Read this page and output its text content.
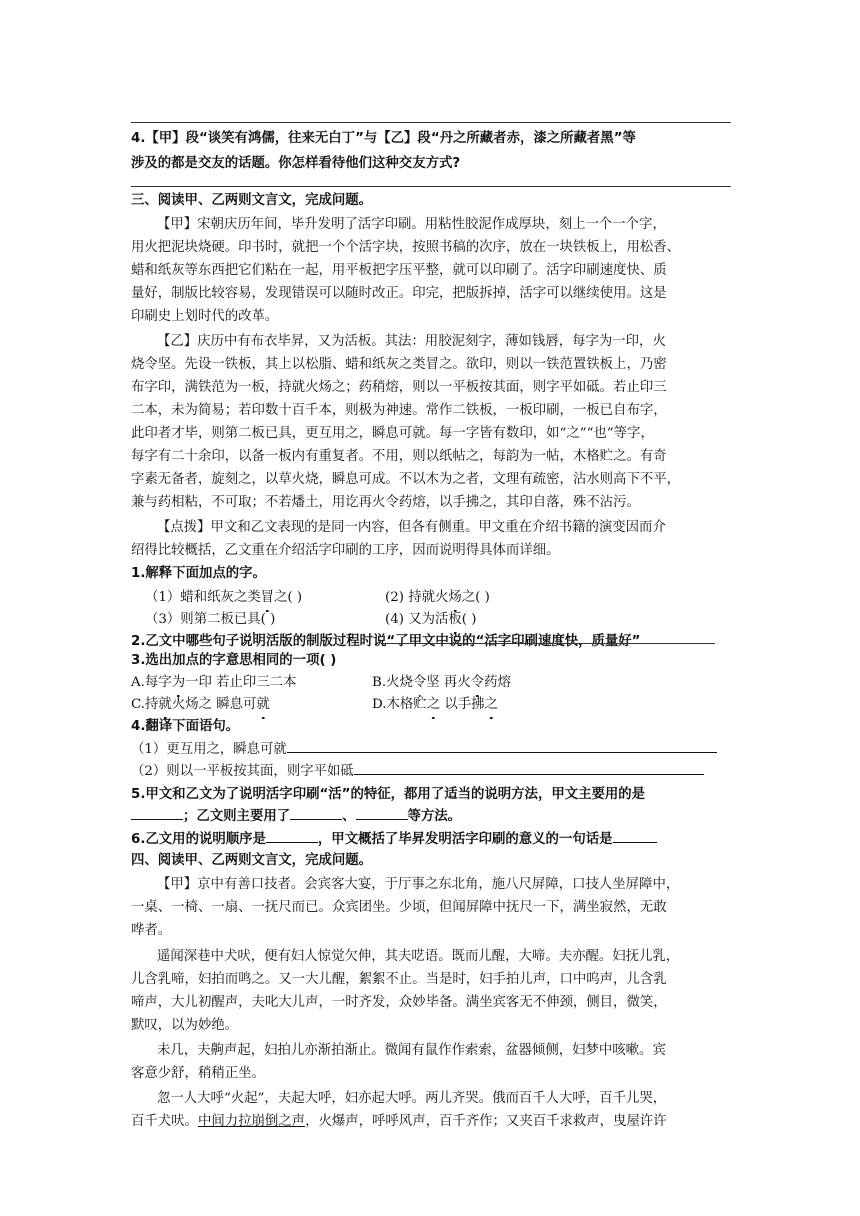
4.【甲】段“谈笑有鸿儒，往来无白丁”与【乙】段“丹之所藏者赤，漆之所藏者黑”等
涉及的都是交友的话题。你怎样看待他们这种交友方式?
三、阅读甲、乙两则文言文，完成问题。
【甲】宋朝庆历年间，毕升发明了活字印刷。用粘性胶泥作成厚块，刻上一个一个字，
用火把泥块烧硬。印书时，就把一个个活字块，按照书稿的次序，放在一块铁板上，用松香、
蜡和纸灰等东西把它们粘在一起，用平板把字压平整，就可以印刷了。活字印刷速度快、质
量好，制版比较容易，发现错误可以随时改正。印完，把版拆掉，活字可以继续使用。这是
印刷史上划时代的改革。
【乙】庆历中有布衣毕昇，又为活板。其法：用胶泥刻字，薄如钱唇，每字为一印，火
烧令坚。先设一铁板，其上以松脂、蜡和纸灰之类冒之。欲印，则以一铁范置铁板上，乃密
布字印，满铁范为一板，持就火炀之；药稍熔，则以一平板按其面，则字平如砥。若止印三
二本，未为简易；若印数十百千本，则极为神速。常作二铁板，一板印刷，一板已自布字，
此印者才毕，则第二板已具，更互用之，瞬息可就。每一字皆有数印，如“之”“也”等字，
每字有二十余印，以备一板内有重复者。不用，则以纸帖之，每韵为一帖，木格贮之。有奇
字素无备者，旋刻之，以草火烧，瞬息可成。不以木为之者，文理有疏密，沾水则高下不平，
兼与药相粘，不可取；不若燔土，用讫再火令药熔，以手拂之，其印自落，殊不沾污。
【点拨】甲文和乙文表现的是同一内容，但各有侧重。甲文重在介绍书籍的演变因而介
绍得比较概括，乙文重在介绍活字印刷的工序，因而说明得具体而详细。
1.解释下面加点的字。
（1）蜡和纸灰之类冒之( )	(2) 持就火炀之( )
（3）则第二板已具( )	(4) 又为活板( )
2.乙文中哪些句子说明活版的制版过程时说“了甲文中说的“活字印刷速度快，质量好”
3.选出加点的字意思相同的一项( )
A.每字为一印 若止印三二本	B.火烧令坚 再火令药熔
C.持就火炀之 瞬息可就	D.木格贮之 以手拂之
4.翻译下面语句。
（1）更互用之，瞬息可就
（2）则以一平板按其面，则字平如砥
5.甲文和乙文为了说明活字印刷“活”的特征，都用了适当的说明方法，甲文主要用的是
；乙文则主要用了	、	等方法。
6.乙文用的说明顺序是	，甲文概括了毕昇发明活字印刷的意义的一句话是
四、阅读甲、乙两则文言文，完成问题。
【甲】京中有善口技者。会宾客大宴，于厅事之东北角，施八尺屏障，口技人坐屏障中，
一桌、一椅、一扇、一抚尺而已。众宾团坐。少顷，但闻屏障中抚尺一下，满坐寂然，无敢
哗者。
遥闻深巷中犬吠，便有妇人惊觉欠伸，其夫呓语。既而儿醒，大啼。夫亦醒。妇抚儿乳，
儿含乳啼，妇拍而鸣之。又一大儿醒，絮絮不止。当是时，妇手拍儿声，口中呜声，儿含乳
啼声，大儿初醒声，夫叱大儿声，一时齐发，众妙毕备。满坐宾客无不伸颈，侧目，微笑，
默叹，以为妙绝。
未几，夫齁声起，妇拍儿亦渐拍渐止。微闻有鼠作作索索，盆器倾侧，妇梦中咳嗽。宾
客意少舒，稍稍正坐。
忽一人大呼“火起”，夫起大呼，妇亦起大呼。两儿齐哭。俄而百千人大呼，百千儿哭，
百千犬吠。中间力拉崩倒之声，火爆声，呼呼风声，百千齐作；又夹百千求救声，曳屋许许
